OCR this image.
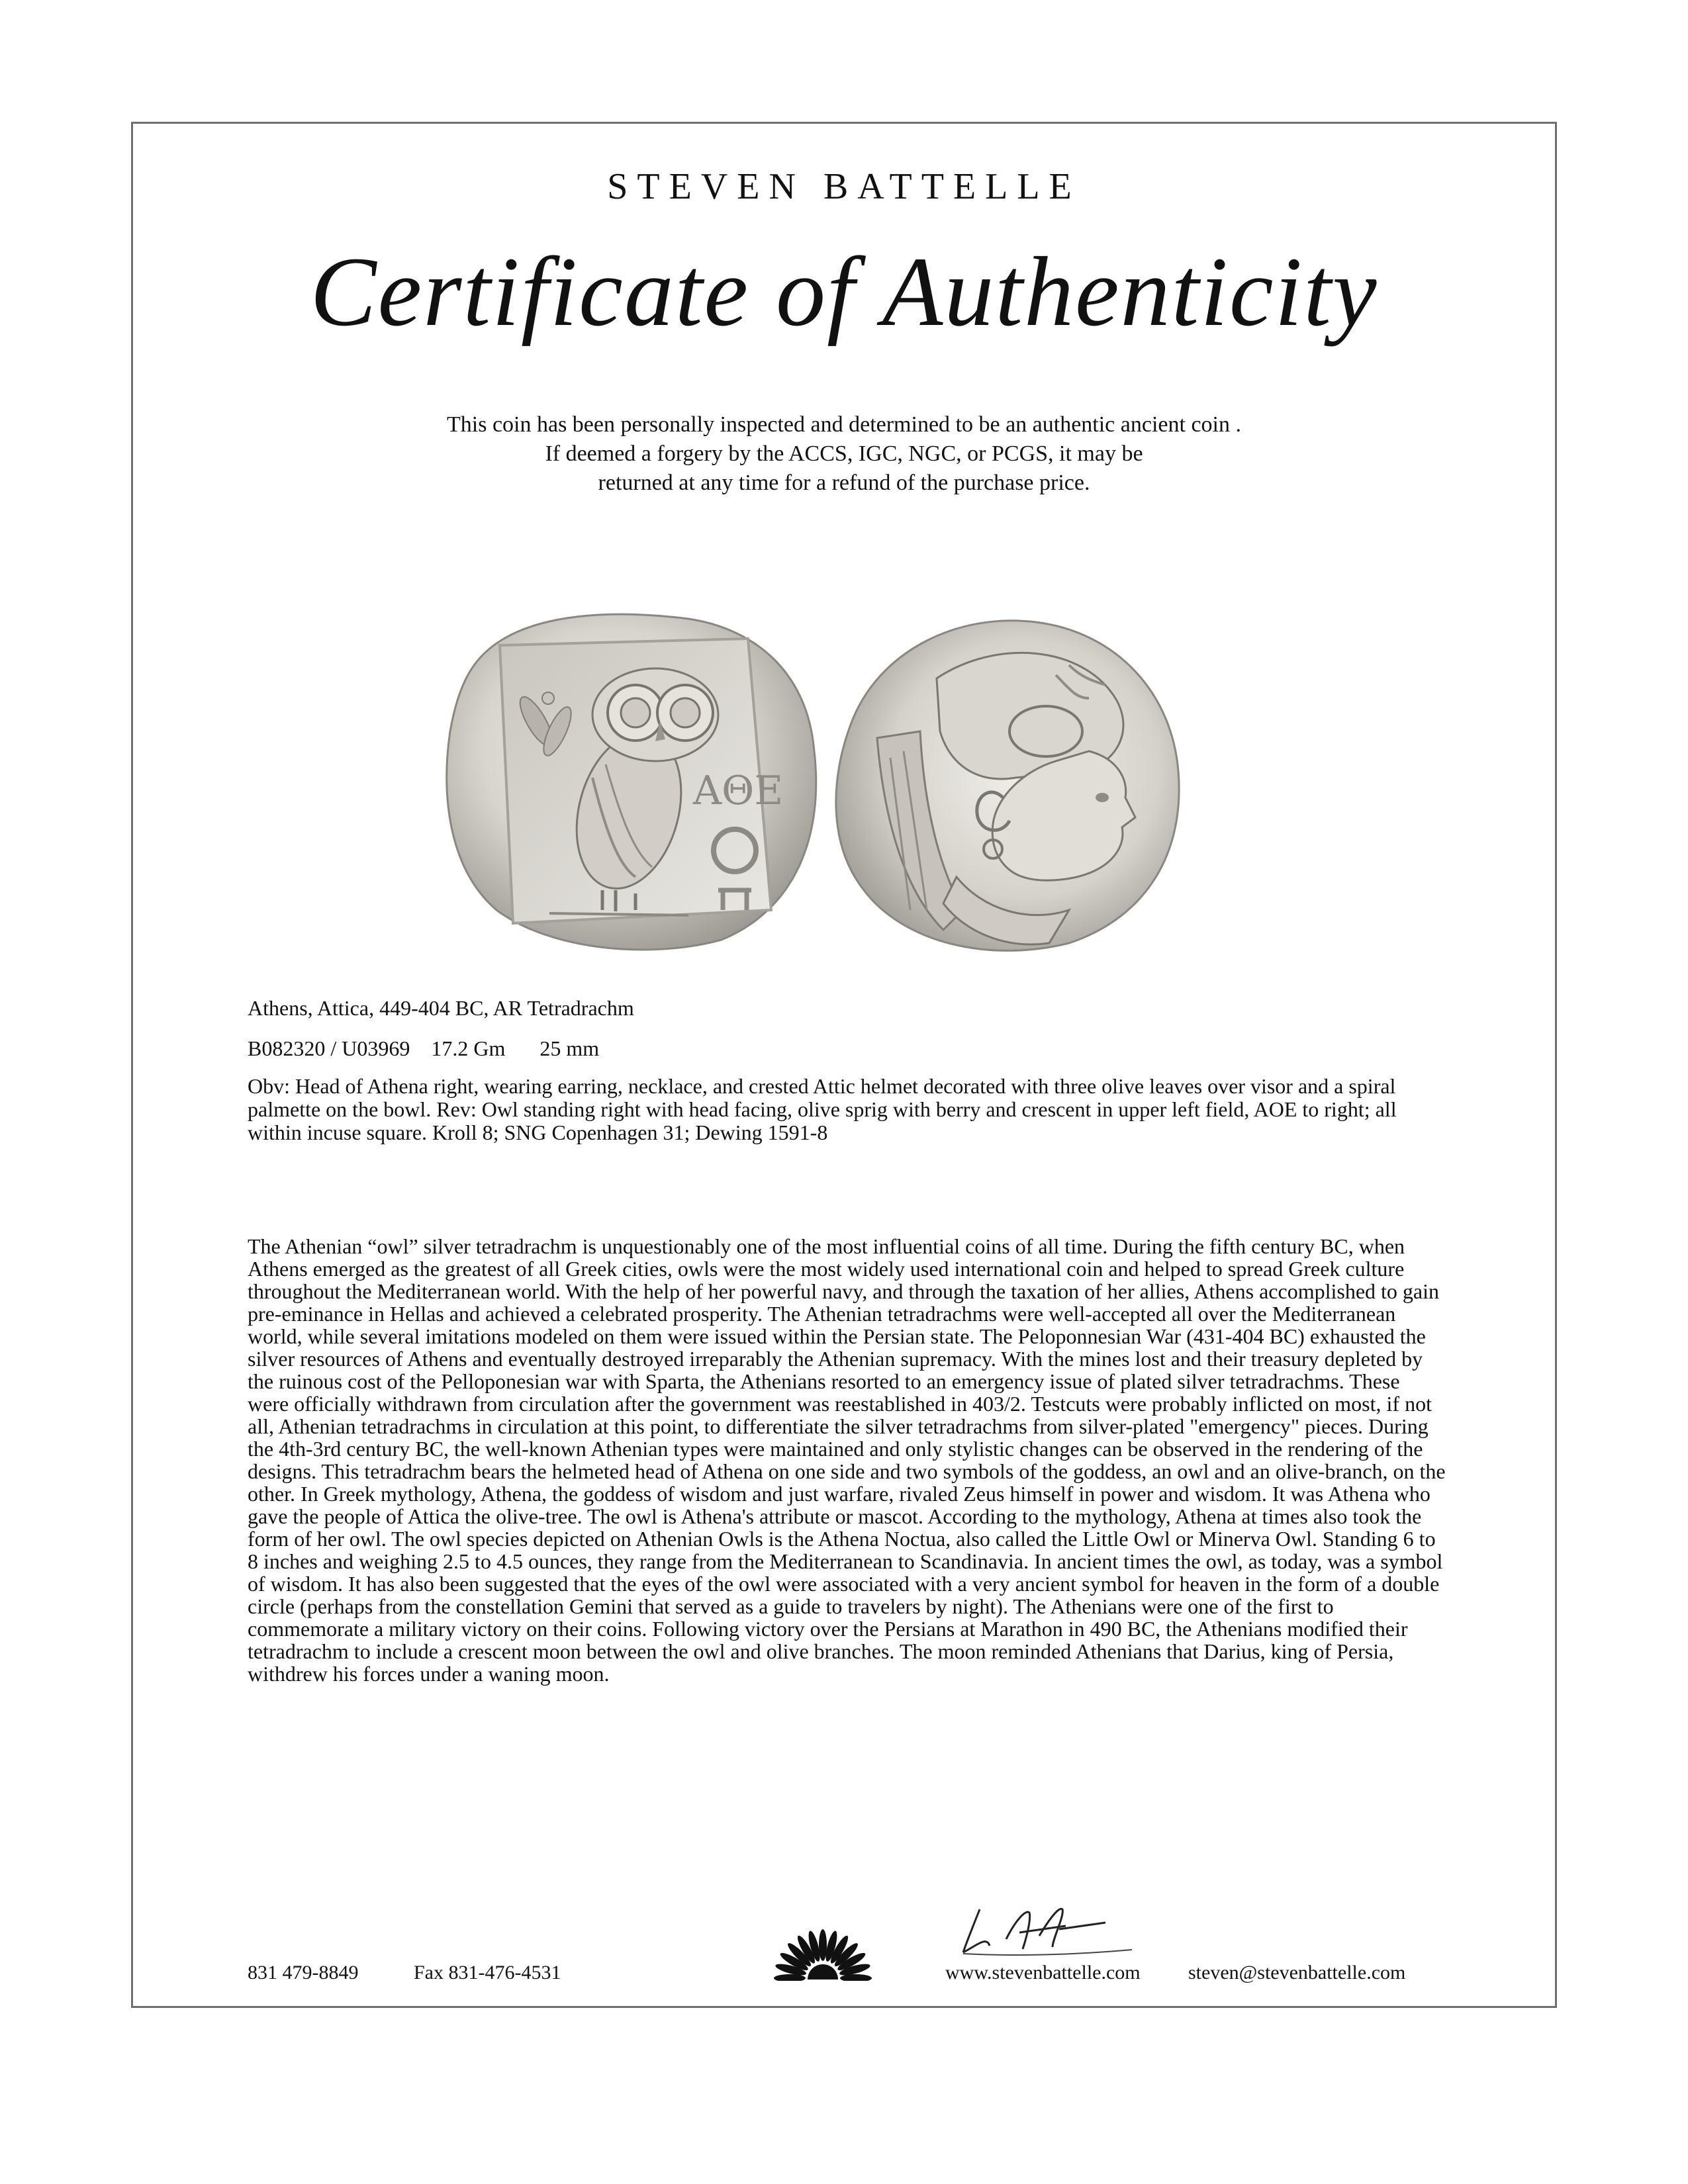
STEVEN BATTELLE
Certificate of Authenticity
This coin has been personally inspected and determined to be an authentic ancient coin .
If deemed a forgery by the ACCS, IGC, NGC, or PCGS, it may be
returned at any time for a refund of the purchase price.
AΘE
Athens, Attica, 449-404 BC, AR Tetradrachm
B082320 / U03969 17.2 Gm 25 mm
Obv: Head of Athena right, wearing earring, necklace, and crested Attic helmet decorated with three olive leaves over visor and a spiral palmette on the bowl. Rev: Owl standing right with head facing, olive sprig with berry and crescent in upper left field, AOE to right; all within incuse square. Kroll 8; SNG Copenhagen 31; Dewing 1591-8

The Athenian “owl” silver tetradrachm is unquestionably one of the most influential coins of all time. During the fifth century BC, when Athens emerged as the greatest of all Greek cities, owls were the most widely used international coin and helped to spread Greek culture throughout the Mediterranean world. With the help of her powerful navy, and through the taxation of her allies, Athens accomplished to gain pre-eminance in Hellas and achieved a celebrated prosperity. The Athenian tetradrachms were well-accepted all over the Mediterranean world, while several imitations modeled on them were issued within the Persian state. The Peloponnesian War (431-404 BC) exhausted the silver resources of Athens and eventually destroyed irreparably the Athenian supremacy. With the mines lost and their treasury depleted by the ruinous cost of the Pelloponesian war with Sparta, the Athenians resorted to an emergency issue of plated silver tetradrachms. These were officially withdrawn from circulation after the government was reestablished in 403/2. Testcuts were probably inflicted on most, if not all, Athenian tetradrachms in circulation at this point, to differentiate the silver tetradrachms from silver-plated "emergency" pieces. During the 4th-3rd century BC, the well-known Athenian types were maintained and only stylistic changes can be observed in the rendering of the designs. This tetradrachm bears the helmeted head of Athena on one side and two symbols of the goddess, an owl and an olive-branch, on the other. In Greek mythology, Athena, the goddess of wisdom and just warfare, rivaled Zeus himself in power and wisdom. It was Athena who gave the people of Attica the olive-tree. The owl is Athena's attribute or mascot. According to the mythology, Athena at times also took the form of her owl. The owl species depicted on Athenian Owls is the Athena Noctua, also called the Little Owl or Minerva Owl. Standing 6 to 8 inches and weighing 2.5 to 4.5 ounces, they range from the Mediterranean to Scandinavia. In ancient times the owl, as today, was a symbol of wisdom. It has also been suggested that the eyes of the owl were associated with a very ancient symbol for heaven in the form of a double circle (perhaps from the constellation Gemini that served as a guide to travelers by night). The Athenians were one of the first to commemorate a military victory on their coins. Following victory over the Persians at Marathon in 490 BC, the Athenians modified their tetradrachm to include a crescent moon between the owl and olive branches. The moon reminded Athenians that Darius, king of Persia, withdrew his forces under a waning moon.

831 479-8849	Fax 831-476-4531	www.stevenbattelle.com steven@stevenbattelle.com
